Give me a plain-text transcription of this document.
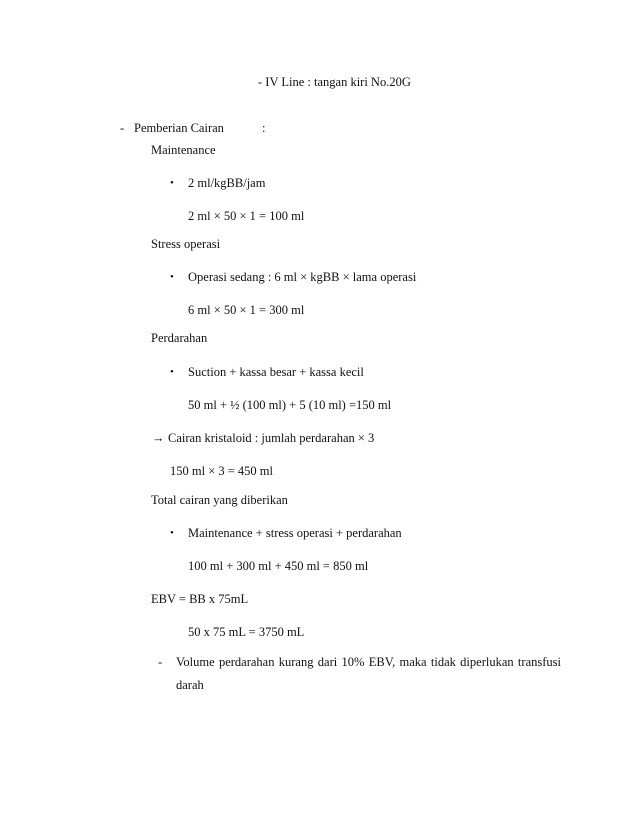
- IV Line : tangan kiri No.20G
- Pemberian Cairan	:
Maintenance
• 2 ml/kgBB/jam
2 ml × 50 × 1 = 100 ml
Stress operasi
• Operasi sedang : 6 ml × kgBB × lama operasi
6 ml × 50 × 1 = 300 ml
Perdarahan
• Suction + kassa besar + kassa kecil
50 ml + ½ (100 ml) + 5 (10 ml) =150 ml
→ Cairan kristaloid : jumlah perdarahan × 3
150 ml × 3 = 450 ml
Total cairan yang diberikan
• Maintenance + stress operasi + perdarahan
100 ml + 300 ml + 450 ml = 850 ml
EBV = BB x 75mL
50 x 75 mL = 3750 mL
- Volume perdarahan kurang dari 10% EBV, maka tidak diperlukan transfusi
darah
